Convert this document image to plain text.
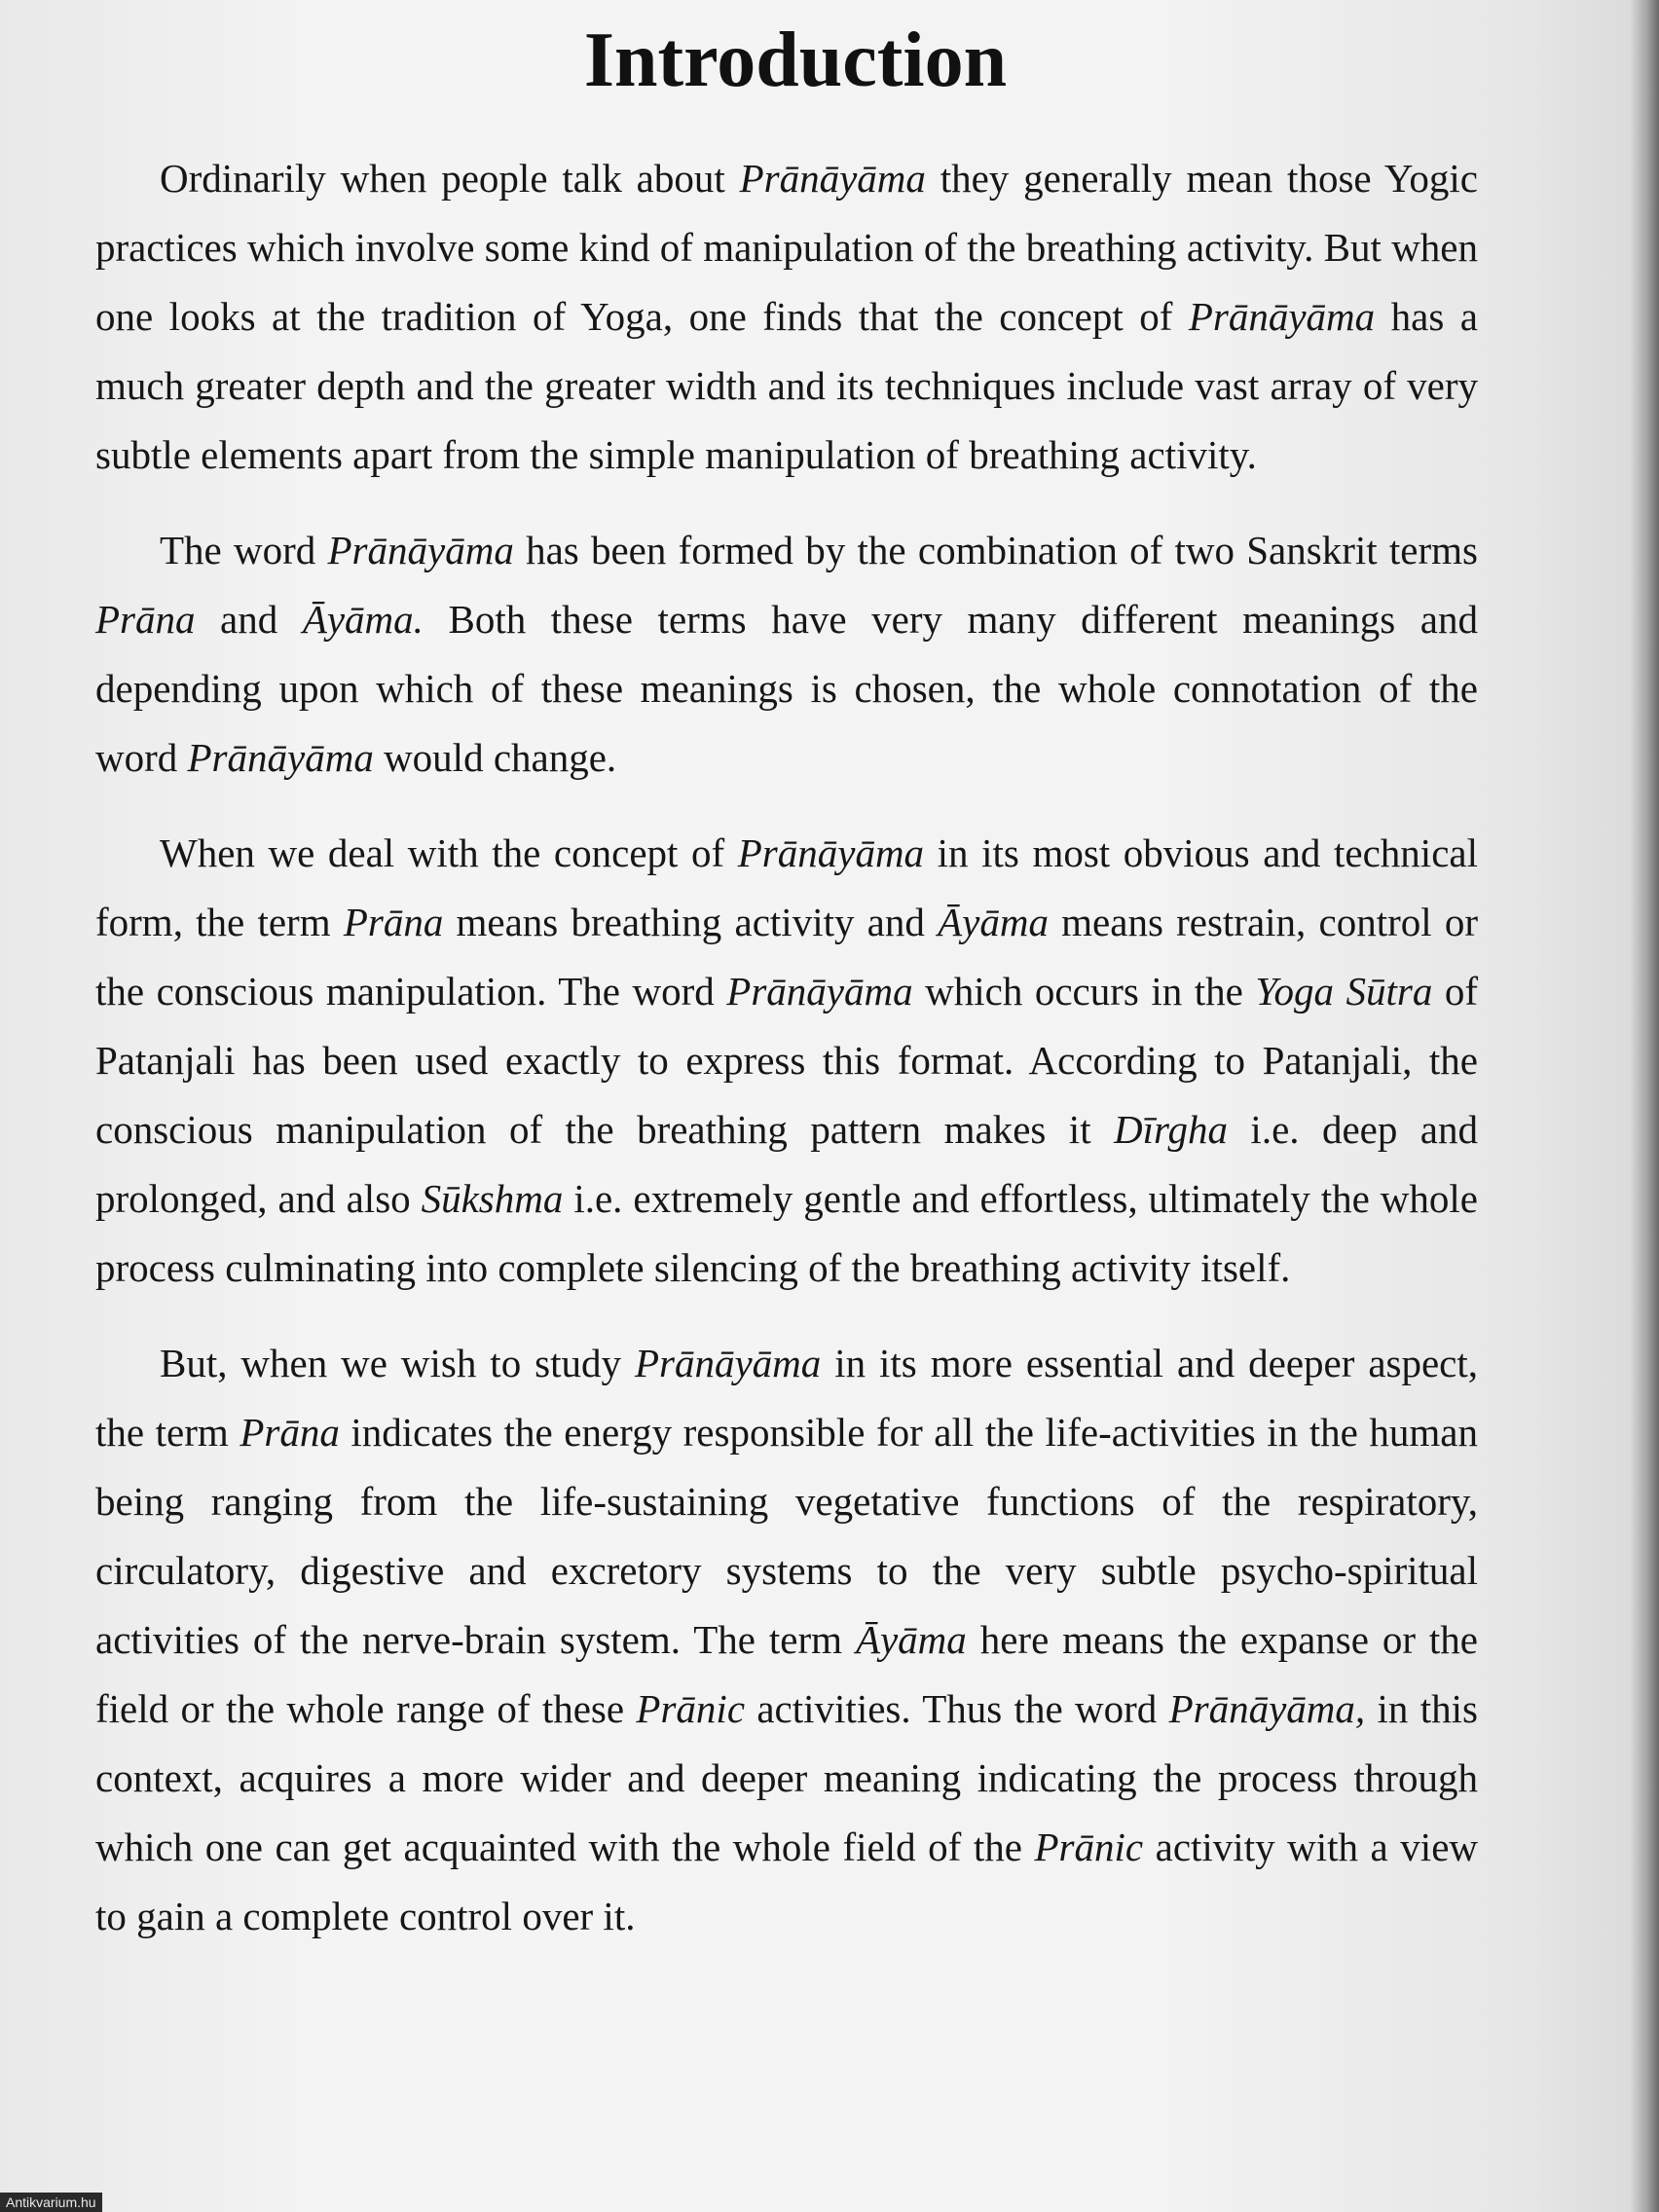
Introduction

Ordinarily when people talk about Prānāyāma they generally mean those Yogic practices which involve some kind of manipulation of the breathing activity. But when one looks at the tradition of Yoga, one finds that the concept of Prānāyāma has a much greater depth and the greater width and its techniques include vast array of very subtle elements apart from the simple manipulation of breathing activity.

The word Prānāyāma has been formed by the combination of two Sanskrit terms Prāna and Āyāma. Both these terms have very many different meanings and depending upon which of these meanings is chosen, the whole connotation of the word Prānāyāma would change.

When we deal with the concept of Prānāyāma in its most obvious and technical form, the term Prāna means breathing activity and Āyāma means restrain, control or the conscious manipulation. The word Prānāyāma which occurs in the Yoga Sūtra of Patanjali has been used exactly to express this format. According to Patanjali, the conscious manipulation of the breathing pattern makes it Dīrgha i.e. deep and prolonged, and also Sūkshma i.e. extremely gentle and effortless, ultimately the whole process culminating into complete silencing of the breathing activity itself.

But, when we wish to study Prānāyāma in its more essential and deeper aspect, the term Prāna indicates the energy responsible for all the life-activities in the human being ranging from the life-sustaining vegetative functions of the respiratory, circulatory, digestive and excretory systems to the very subtle psycho-spiritual activities of the nerve-brain system. The term Āyāma here means the expanse or the field or the whole range of these Prānic activities. Thus the word Prānāyāma, in this context, acquires a more wider and deeper meaning indicating the process through which one can get acquainted with the whole field of the Prānic activity with a view to gain a complete control over it.

Antikvarium.hu
